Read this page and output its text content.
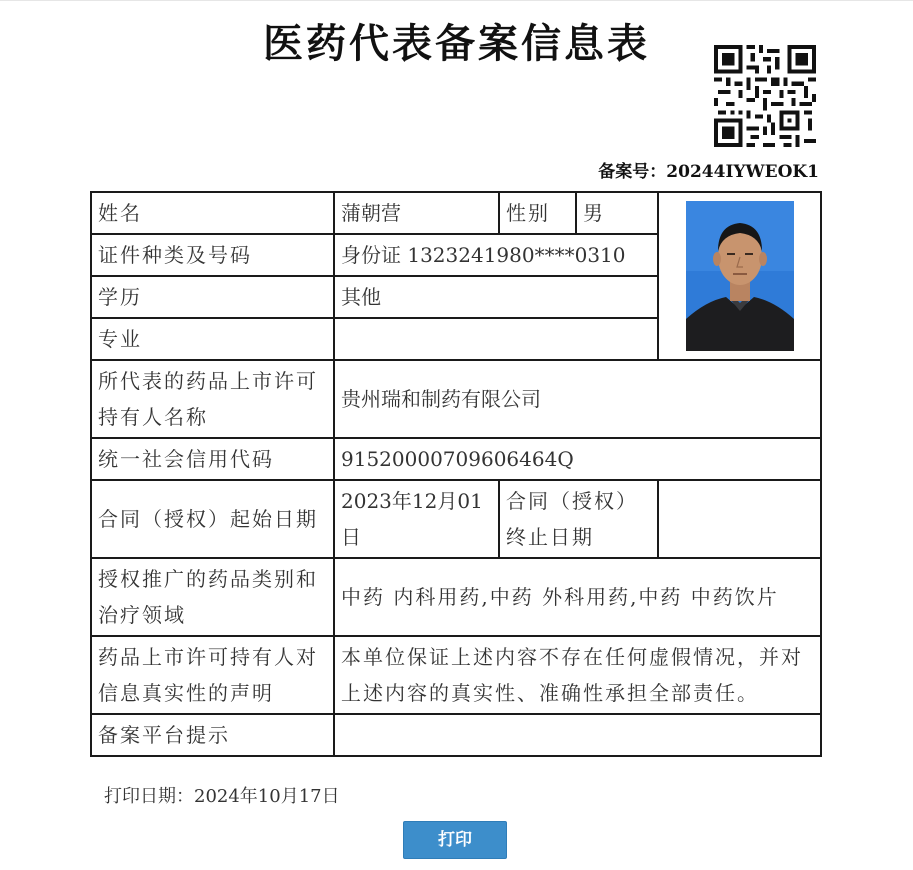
医药代表备案信息表
备案号：20244IYWEOK1
姓名	蒲朝营	性别	男	

证件种类及号码	身份证 1323241980****0310			
学历	其他			
专业				
所代表的药品上市许可持有人名称	贵州瑞和制药有限公司			
统一社会信用代码	91520000709606464Q			
合同（授权）起始日期	2023年12月01日	合同（授权）终止日期		
授权推广的药品类别和治疗领域	中药 内科用药,中药 外科用药,中药 中药饮片			
药品上市许可持有人对信息真实性的声明	本单位保证上述内容不存在任何虚假情况，并对上述内容的真实性、准确性承担全部责任。			
备案平台提示				
打印日期：2024年10月17日
打印
